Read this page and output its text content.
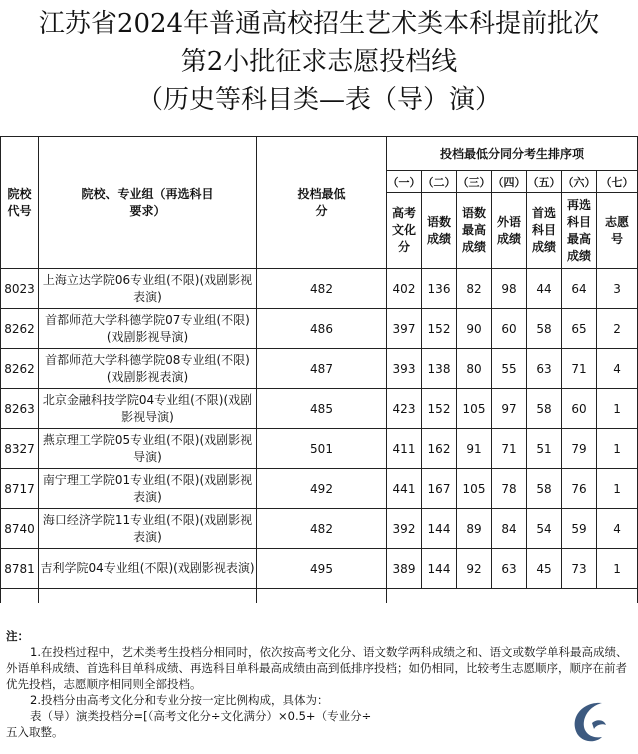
江苏省2024年普通高校招生艺术类本科提前批次
第2小批征求志愿投档线
（历史等科目类—表（导）演）
院校代号	院校、专业组（再选科目要求）	投档最低分	投档最低分同分考生排序项						
			（一）	（二）	（三）	（四）	（五）	（六）	（七）
			高考文化分	语数成绩	语数最高成绩	外语成绩	首选科目成绩	再选科目最高成绩	志愿号
8023	上海立达学院06专业组(不限)(戏剧影视表演)	482	402	136	82	98	44	64	3
8262	首都师范大学科德学院07专业组(不限)(戏剧影视导演)	486	397	152	90	60	58	65	2
8262	首都师范大学科德学院08专业组(不限)(戏剧影视表演)	487	393	138	80	55	63	71	4
8263	北京金融科技学院04专业组(不限)(戏剧影视导演)	485	423	152	105	97	58	60	1
8327	燕京理工学院05专业组(不限)(戏剧影视导演)	501	411	162	91	71	51	79	1
8717	南宁理工学院01专业组(不限)(戏剧影视表演)	492	441	167	105	78	58	76	1
8740	海口经济学院11专业组(不限)(戏剧影视表演)	482	392	144	89	84	54	59	4
8781	吉利学院04专业组(不限)(戏剧影视表演)	495	389	144	92	63	45	73	1

注：

1.在投档过程中，艺术类考生投档分相同时，依次按高考文化分、语文数学两科成绩之和、语文或数学单科最高成绩、外语单科成绩、首选科目单科成绩、再选科目单科最高成绩由高到低排序投档；如仍相同，比较考生志愿顺序，顺序在前者优先投档，志愿顺序相同则全部投档。

2.投档分由高考文化分和专业分按一定比例构成，具体为：

表（导）演类投档分=[（高考文化分÷文化满分）×0.5+（专业分÷

五入取整。
